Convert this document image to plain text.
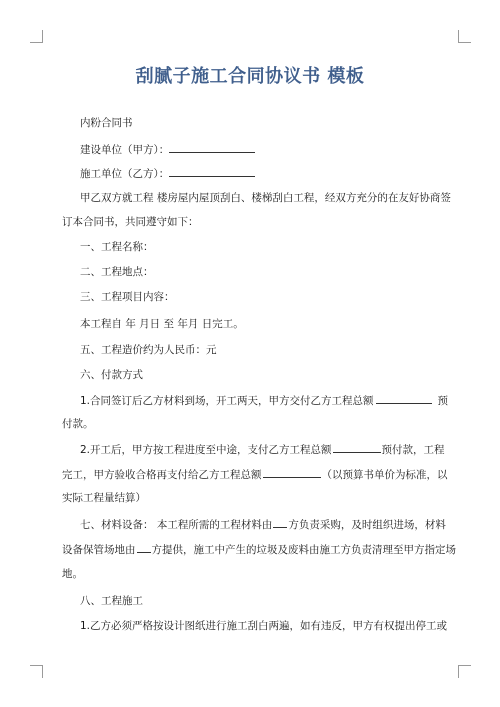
刮腻子施工合同协议书 模板
内粉合同书
建设单位（甲方）：
施工单位（乙方）：
甲乙双方就工程 楼房屋内屋顶刮白、楼梯刮白工程，经双方充分的在友好协商签
订本合同书，共同遵守如下：
一、工程名称：
二、工程地点：
三、工程项目内容：
本工程自 年 月日 至 年月 日完工。
五、工程造价约为人民币：元
六、付款方式
1.合同签订后乙方材料到场，开工两天，甲方交付乙方工程总额	预
付款。
2.开工后，甲方按工程进度至中途，支付乙方工程总额	预付款，工程
完工，甲方验收合格再支付给乙方工程总额	（以预算书单价为标准，以
实际工程量结算）
七、材料设备： 本工程所需的工程材料由 方负责采购，及时组织进场，材料
设备保管场地由 方提供，施工中产生的垃圾及废料由施工方负责清理至甲方指定场
地。
八、工程施工
1.乙方必须严格按设计图纸进行施工刮白两遍，如有违反，甲方有权提出停工或
